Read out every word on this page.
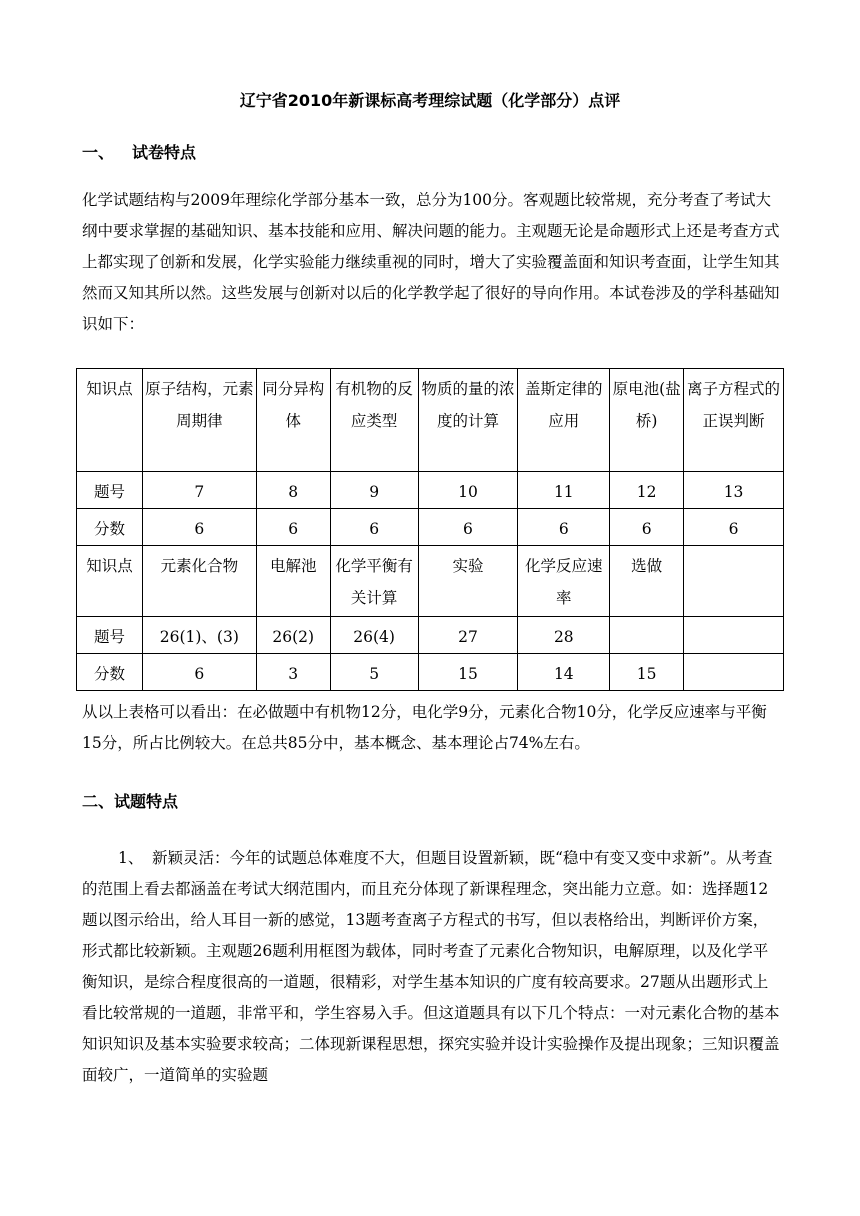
辽宁省2010年新课标高考理综试题（化学部分）点评
一、 试卷特点

化学试题结构与2009年理综化学部分基本一致，总分为100分。客观题比较常规，充分考查了考试大纲中要求掌握的基础知识、基本技能和应用、解决问题的能力。主观题无论是命题形式上还是考查方式上都实现了创新和发展，化学实验能力继续重视的同时，增大了实验覆盖面和知识考查面，让学生知其然而又知其所以然。这些发展与创新对以后的化学教学起了很好的导向作用。本试卷涉及的学科基础知识如下：

知识点	原子结构，元素周期律	同分异构体	有机物的反应类型	物质的量的浓度的计算	盖斯定律的应用	原电池(盐桥)	离子方程式的正误判断
题号	7	8	9	10	11	12	13
分数	6	6	6	6	6	6	6
知识点	元素化合物	电解池	化学平衡有关计算	实验	化学反应速率	选做	
题号	26(1)、(3)	26(2)	26(4)	27	28		
分数	6	3	5	15	14	15	

从以上表格可以看出：在必做题中有机物12分，电化学9分，元素化合物10分，化学反应速率与平衡15分，所占比例较大。在总共85分中，基本概念、基本理论占74%左右。

二、试题特点

1、 新颖灵活：今年的试题总体难度不大，但题目设置新颖，既“稳中有变又变中求新”。从考查的范围上看去都涵盖在考试大纲范围内，而且充分体现了新课程理念，突出能力立意。如：选择题12题以图示给出，给人耳目一新的感觉，13题考查离子方程式的书写，但以表格给出，判断评价方案，形式都比较新颖。主观题26题利用框图为载体，同时考查了元素化合物知识，电解原理，以及化学平衡知识，是综合程度很高的一道题，很精彩，对学生基本知识的广度有较高要求。27题从出题形式上看比较常规的一道题，非常平和，学生容易入手。但这道题具有以下几个特点：一对元素化合物的基本知识知识及基本实验要求较高；二体现新课程思想，探究实验并设计实验操作及提出现象；三知识覆盖面较广，一道简单的实验题
